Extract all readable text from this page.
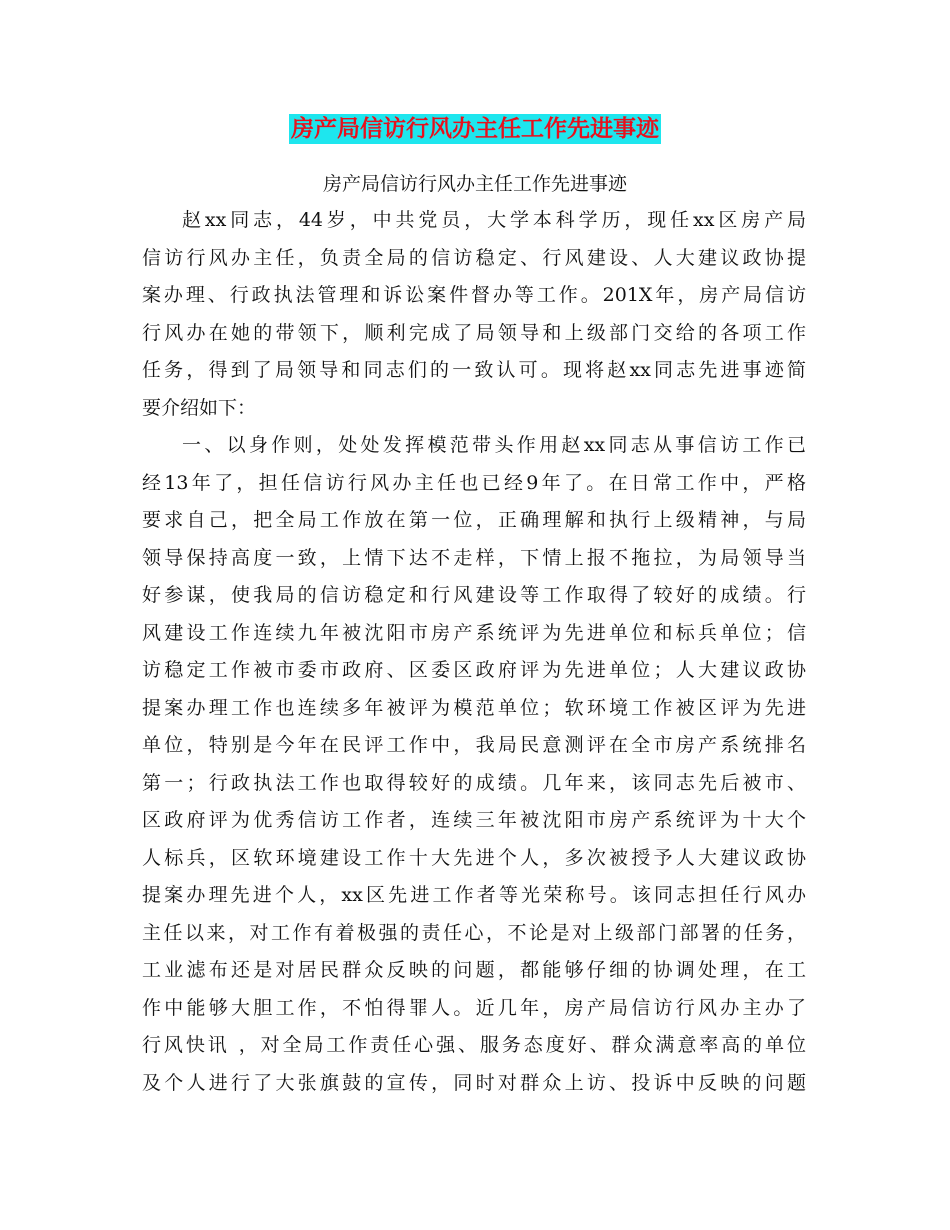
房产局信访行风办主任工作先进事迹
房产局信访行风办主任工作先进事迹
赵xx同志，44岁，中共党员，大学本科学历，现任xx区房产局
信访行风办主任，负责全局的信访稳定、行风建设、人大建议政协提
案办理、行政执法管理和诉讼案件督办等工作。201X年，房产局信访
行风办在她的带领下，顺利完成了局领导和上级部门交给的各项工作
任务，得到了局领导和同志们的一致认可。现将赵xx同志先进事迹简
要介绍如下：
一、以身作则，处处发挥模范带头作用赵xx同志从事信访工作已
经13年了，担任信访行风办主任也已经9年了。在日常工作中，严格
要求自己，把全局工作放在第一位，正确理解和执行上级精神，与局
领导保持高度一致，上情下达不走样，下情上报不拖拉，为局领导当
好参谋，使我局的信访稳定和行风建设等工作取得了较好的成绩。行
风建设工作连续九年被沈阳市房产系统评为先进单位和标兵单位；信
访稳定工作被市委市政府、区委区政府评为先进单位；人大建议政协
提案办理工作也连续多年被评为模范单位；软环境工作被区评为先进
单位，特别是今年在民评工作中，我局民意测评在全市房产系统排名
第一；行政执法工作也取得较好的成绩。几年来，该同志先后被市、
区政府评为优秀信访工作者，连续三年被沈阳市房产系统评为十大个
人标兵，区软环境建设工作十大先进个人，多次被授予人大建议政协
提案办理先进个人，xx区先进工作者等光荣称号。该同志担任行风办
主任以来，对工作有着极强的责任心，不论是对上级部门部署的任务，
工业滤布还是对居民群众反映的问题，都能够仔细的协调处理，在工
作中能够大胆工作，不怕得罪人。近几年，房产局信访行风办主办了
行风快讯 ，对全局工作责任心强、服务态度好、群众满意率高的单位
及个人进行了大张旗鼓的宣传，同时对群众上访、投诉中反映的问题
